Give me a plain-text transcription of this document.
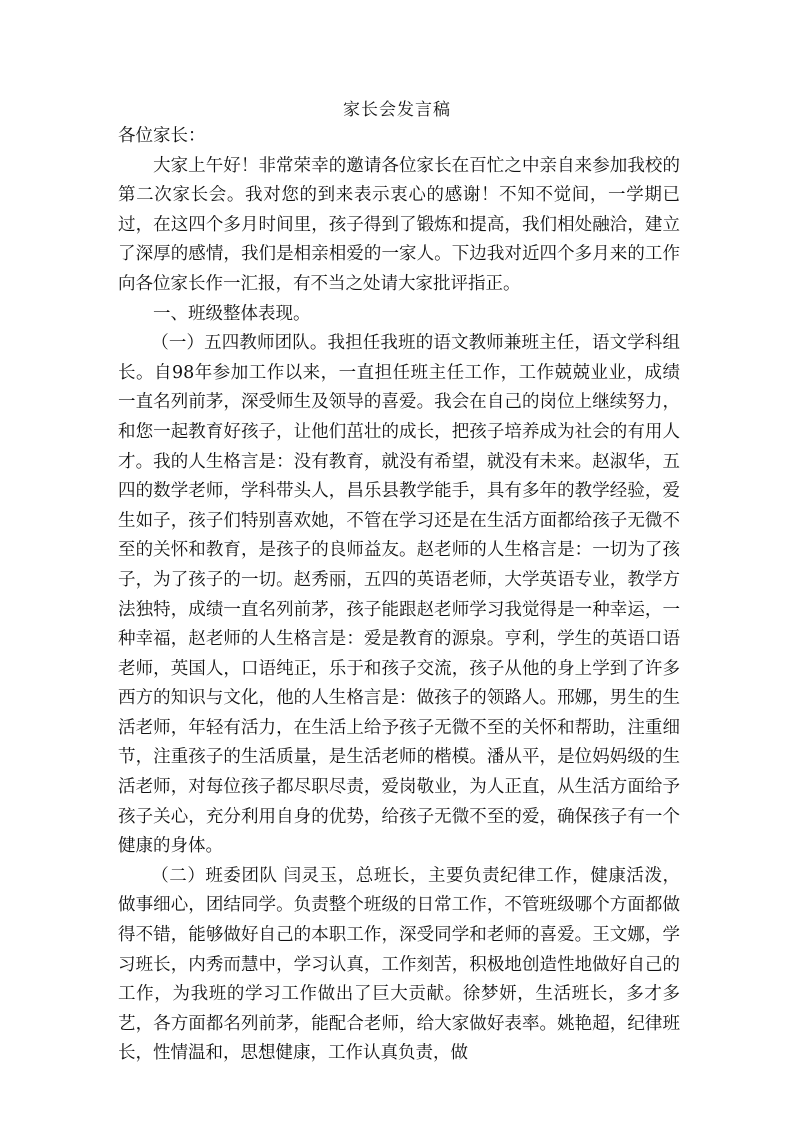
家长会发言稿

各位家长：

大家上午好！非常荣幸的邀请各位家长在百忙之中亲自来参加我校的第二次家长会。我对您的到来表示衷心的感谢！不知不觉间，一学期已过，在这四个多月时间里，孩子得到了锻炼和提高，我们相处融洽，建立了深厚的感情，我们是相亲相爱的一家人。下边我对近四个多月来的工作向各位家长作一汇报，有不当之处请大家批评指正。

一、班级整体表现。

（一）五四教师团队。我担任我班的语文教师兼班主任，语文学科组长。自98年参加工作以来，一直担任班主任工作，工作兢兢业业，成绩一直名列前茅，深受师生及领导的喜爱。我会在自己的岗位上继续努力，和您一起教育好孩子，让他们茁壮的成长，把孩子培养成为社会的有用人才。我的人生格言是：没有教育，就没有希望，就没有未来。赵淑华，五四的数学老师，学科带头人，昌乐县教学能手，具有多年的教学经验，爱生如子，孩子们特别喜欢她，不管在学习还是在生活方面都给孩子无微不至的关怀和教育，是孩子的良师益友。赵老师的人生格言是：一切为了孩子，为了孩子的一切。赵秀丽，五四的英语老师，大学英语专业，教学方法独特，成绩一直名列前茅，孩子能跟赵老师学习我觉得是一种幸运，一种幸福，赵老师的人生格言是：爱是教育的源泉。亨利，学生的英语口语老师，英国人，口语纯正，乐于和孩子交流，孩子从他的身上学到了许多西方的知识与文化，他的人生格言是：做孩子的领路人。邢娜，男生的生活老师，年轻有活力，在生活上给予孩子无微不至的关怀和帮助，注重细节，注重孩子的生活质量，是生活老师的楷模。潘从平，是位妈妈级的生活老师，对每位孩子都尽职尽责，爱岗敬业，为人正直，从生活方面给予孩子关心，充分利用自身的优势，给孩子无微不至的爱，确保孩子有一个健康的身体。

（二）班委团队 闫灵玉，总班长，主要负责纪律工作，健康活泼，做事细心，团结同学。负责整个班级的日常工作，不管班级哪个方面都做得不错，能够做好自己的本职工作，深受同学和老师的喜爱。王文娜，学习班长，内秀而慧中，学习认真，工作刻苦，积极地创造性地做好自己的工作，为我班的学习工作做出了巨大贡献。徐梦妍，生活班长，多才多艺，各方面都名列前茅，能配合老师，给大家做好表率。姚艳超，纪律班长，性情温和，思想健康，工作认真负责，做
